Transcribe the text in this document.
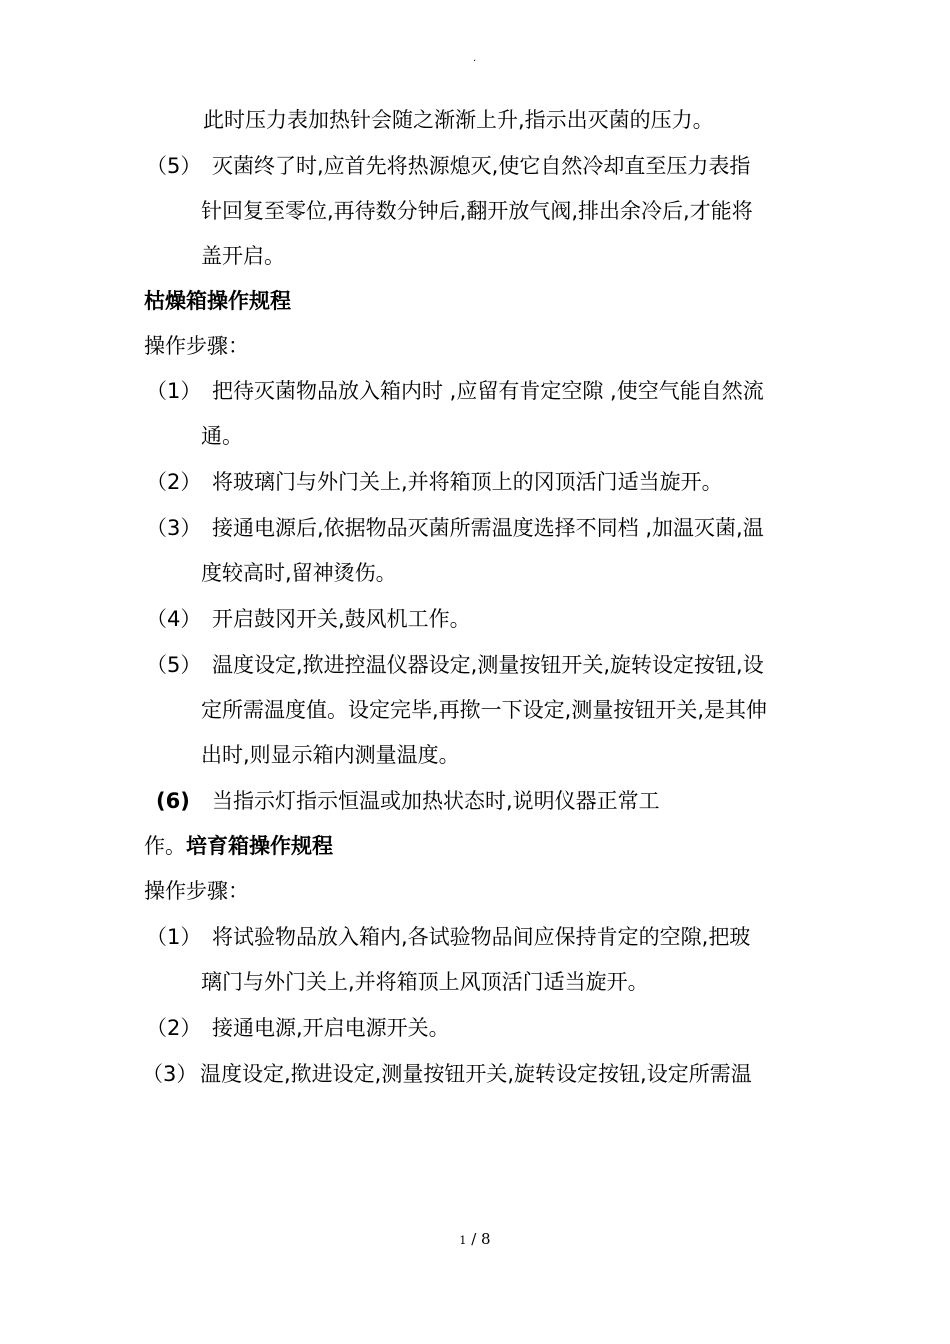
·
此时压力表加热针会随之渐渐上升,指示出灭菌的压力。
（5） 灭菌终了时,应首先将热源熄灭,使它自然冷却直至压力表指
针回复至零位,再待数分钟后,翻开放气阀,排出余冷后,才能将
盖开启。
枯燥箱操作规程
操作步骤：
（1） 把待灭菌物品放入箱内时 ,应留有肯定空隙 ,使空气能自然流
通。
（2） 将玻璃门与外门关上,并将箱顶上的冈顶活门适当旋开。
（3） 接通电源后,依据物品灭菌所需温度选择不同档 ,加温灭菌,温
度较高时,留神烫伤。
（4） 开启鼓冈开关,鼓风机工作。
（5） 温度设定,揿进控温仪器设定,测量按钮开关,旋转设定按钮,设
定所需温度值。设定完毕,再揿一下设定,测量按钮开关,是其伸
出时,则显示箱内测量温度。
(6) 当指示灯指示恒温或加热状态时,说明仪器正常工
作。培育箱操作规程
操作步骤：
（1） 将试验物品放入箱内,各试验物品间应保持肯定的空隙,把玻
璃门与外门关上,并将箱顶上风顶活门适当旋开。
（2） 接通电源,开启电源开关。
（3） 温度设定,揿进设定,测量按钮开关,旋转设定按钮,设定所需温
1 / 8
